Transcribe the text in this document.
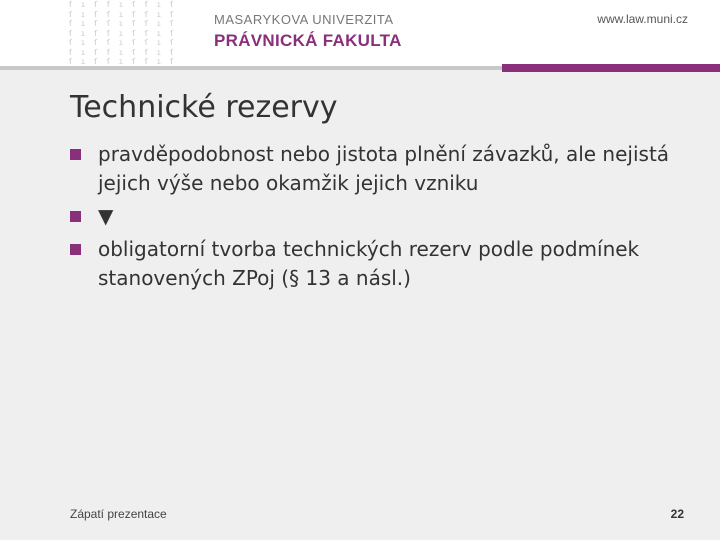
ſ ı ſ ſ ı ſ ſ ı ſ
ſ ı ſ ſ ı ſ ſ ı ſ
ſ ı ſ ſ ı ſ ſ ı ſ
ſ ı ſ ſ ı ſ ſ ı ſ
ſ ı ſ ſ ı ſ ſ ı ſ
ſ ı ſ ſ ı ſ ſ ı ſ
ſ ı ſ ſ ı ſ ſ ı ſ
MASARYKOVA UNIVERZITA
PRÁVNICKÁ FAKULTA
www.law.muni.cz
Technické rezervy
pravděpodobnost nebo jistota plnění závazků, ale nejistá jejich výše nebo okamžik jejich vzniku
▼
obligatorní tvorba technických rezerv podle podmínek stanovených ZPoj (§ 13 a násl.)
Zápatí prezentace	22
